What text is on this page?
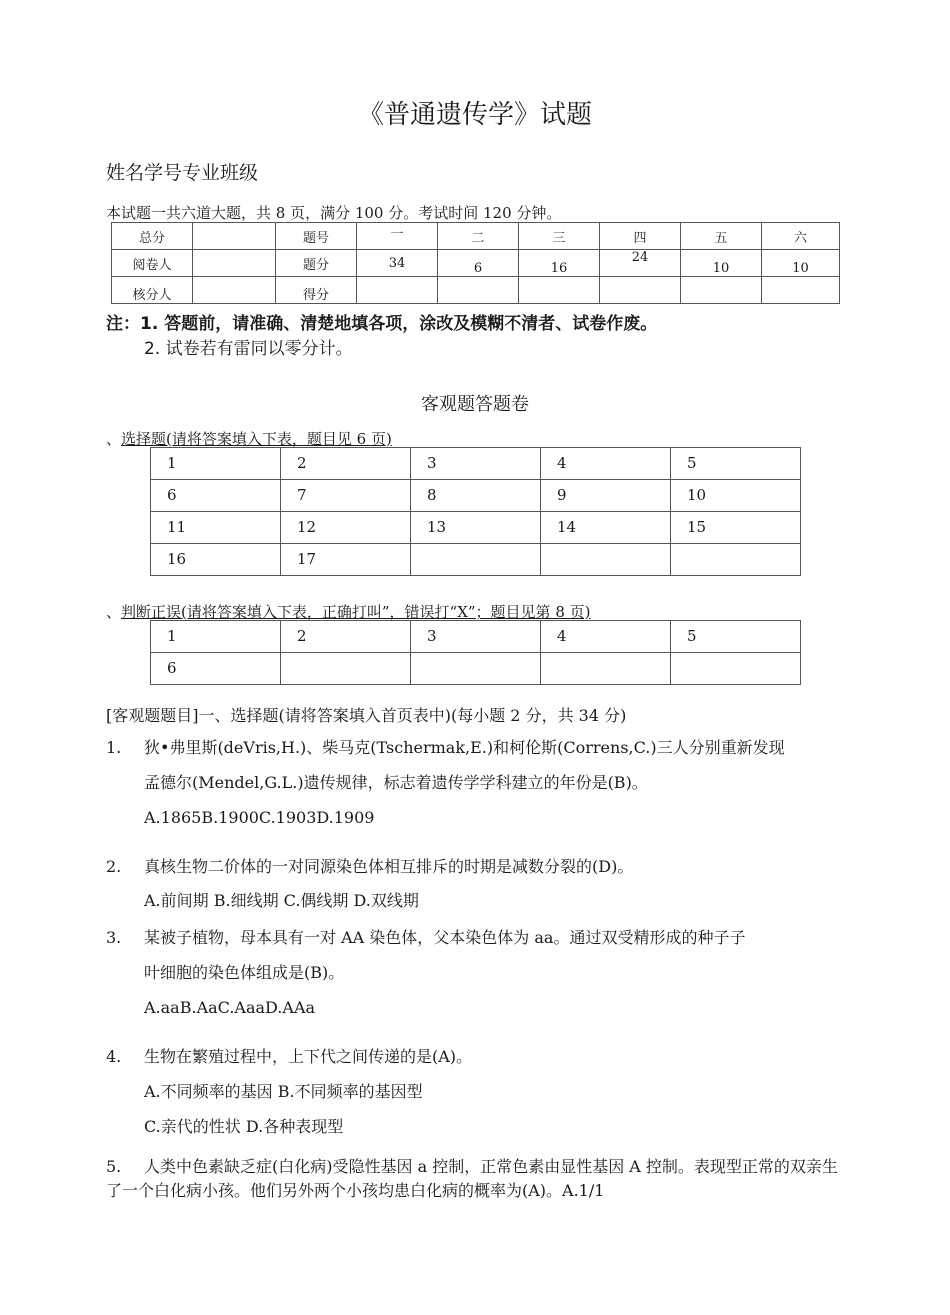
《普通遗传学》试题
姓名学号专业班级
本试题一共六道大题，共 8 页，满分 100 分。考试时间 120 分钟。
总分		题号	一	二	三	四	五	六
阅卷人		题分	34	6	16	24	10	10
核分人		得分						
注：1. 答题前，请准确、清楚地填各项，涂改及模糊不清者、试卷作废。
2. 试卷若有雷同以零分计。
客观题答题卷
、选择题(请将答案填入下表，题目见 6 页)
1	2	3	4	5
6	7	8	9	10
11	12	13	14	15
16	17			
、判断正误(请将答案填入下表，正确打叫”，错误打“X”；题目见第 8 页)
1	2	3	4	5
6				
[客观题题目]一、选择题(请将答案填入首页表中)(每小题 2 分，共 34 分)
1. 狄•弗里斯(deVris,H.)、柴马克(Tschermak,E.)和柯伦斯(Correns,C.)三人分别重新发现
孟德尔(Mendel,G.L.)遗传规律，标志着遗传学学科建立的年份是(B)。
A.1865B.1900C.1903D.1909
2. 真核生物二价体的一对同源染色体相互排斥的时期是减数分裂的(D)。
A.前间期 B.细线期 C.偶线期 D.双线期
3. 某被子植物，母本具有一对 AA 染色体，父本染色体为 aa。通过双受精形成的种子子
叶细胞的染色体组成是(B)。
A.aaB.AaC.AaaD.AAa
4. 生物在繁殖过程中，上下代之间传递的是(A)。
A.不同频率的基因 B.不同频率的基因型
C.亲代的性状 D.各种表现型
5. 人类中色素缺乏症(白化病)受隐性基因 a 控制，正常色素由显性基因 A 控制。表现型正常的双亲生了一个白化病小孩。他们另外两个小孩均患白化病的概率为(A)。A.1/1
